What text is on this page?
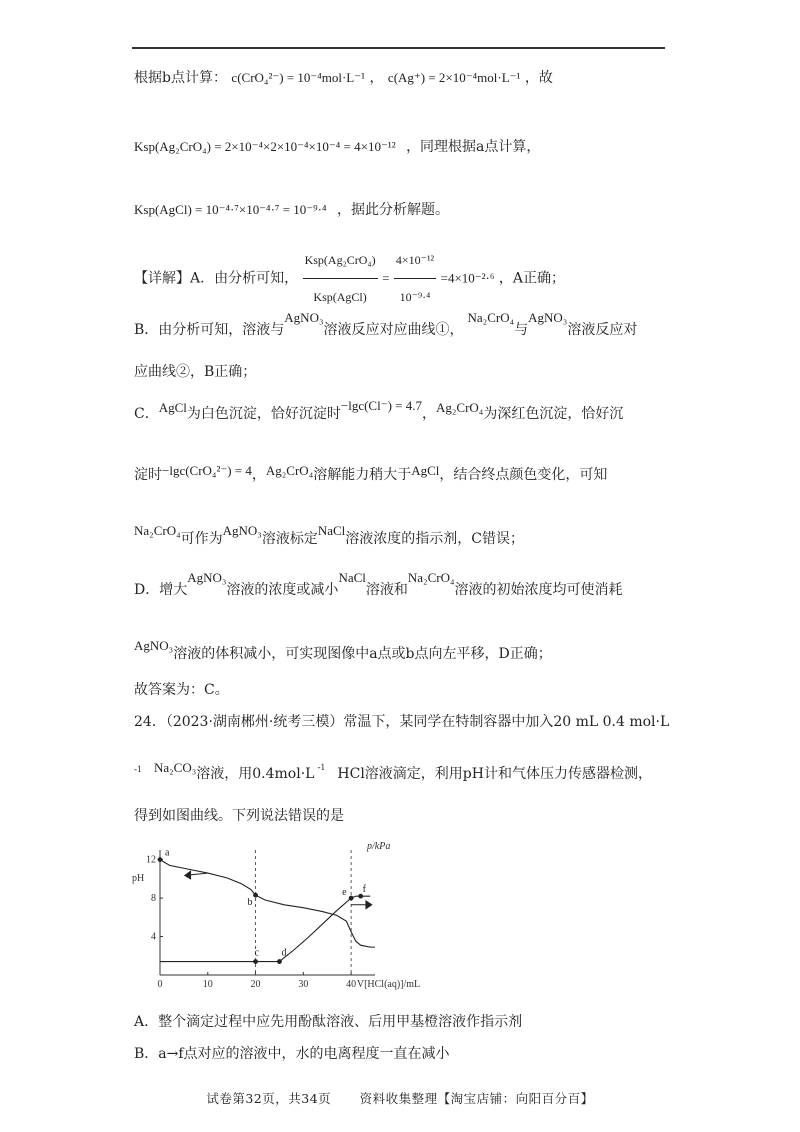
根据b点计算： c(CrO₄²⁻) = 10⁻⁴mol·L⁻¹ ， c(Ag⁺) = 2×10⁻⁴mol·L⁻¹ ，故
Ksp(Ag₂CrO₄) = 2×10⁻⁴×2×10⁻⁴×10⁻⁴ = 4×10⁻¹² ，同理根据a点计算，
Ksp(AgCl) = 10⁻⁴·⁷×10⁻⁴·⁷ = 10⁻⁹·⁴ ，据此分析解题。
【详解】A．由分析可知， $\frac{\text{Ksp(Ag₂CrO₄)}}{\text{Ksp(AgCl)}} = \frac{\text{4×10⁻¹²}}{\text{10⁻⁹·⁴}} =4\times 10^{-2}\cdot^6$ ，A正确；
B．由分析可知，溶液与AgNO₃溶液反应对应曲线①，Na₂CrO₄与AgNO₃溶液反应对
应曲线②，B正确；
C．AgCl为白色沉淀，恰好沉淀时−lgc(Cl⁻) = 4.7，Ag₂CrO₄为深红色沉淀，恰好沉
淀时−lgc(CrO₄²⁻) = 4，Ag₂CrO₄溶解能力稍大于AgCl，结合终点颜色变化，可知
Na₂CrO₄可作为AgNO₃溶液标定NaCl溶液浓度的指示剂，C错误；
D．增大AgNO₃溶液的浓度或减小NaCl溶液和Na₂CrO₄溶液的初始浓度均可使消耗
AgNO₃溶液的体积减小，可实现图像中a点或b点向左平移，D正确；
故答案为：C。
24．（2023·湖南郴州·统考三模）常温下，某同学在特制容器中加入20 mL 0.4 mol·L
$^{-1}$ Na₂CO₃溶液，用0.4mol·L $^{-1}$ HCl溶液滴定，利用pH计和气体压力传感器检测，
得到如图曲线。下列说法错误的是
0	10	20	30	40
4
8
12
pH
p/kPa
V[HCl(aq)]/mL
a
b
c d
e f
A．整个滴定过程中应先用酚酞溶液、后用甲基橙溶液作指示剂
B．a→f点对应的溶液中，水的电离程度一直在减小
试卷第32页，共34页 资料收集整理【淘宝店铺：向阳百分百】
